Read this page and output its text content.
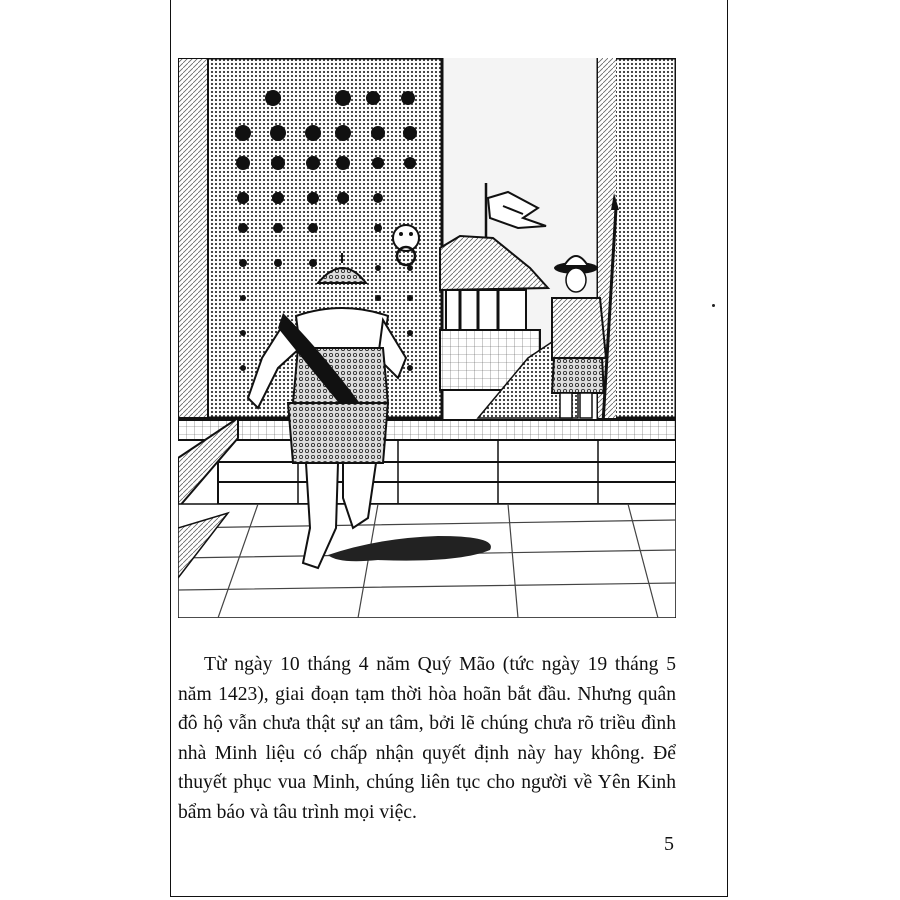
Từ ngày 10 tháng 4 năm Quý Mão (tức ngày 19 tháng 5 năm 1423), giai đoạn tạm thời hòa hoãn bắt đầu. Nhưng quân đô hộ vẫn chưa thật sự an tâm, bởi lẽ chúng chưa rõ triều đình nhà Minh liệu có chấp nhận quyết định này hay không. Để thuyết phục vua Minh, chúng liên tục cho người về Yên Kinh bẩm báo và tâu trình mọi việc.

5
